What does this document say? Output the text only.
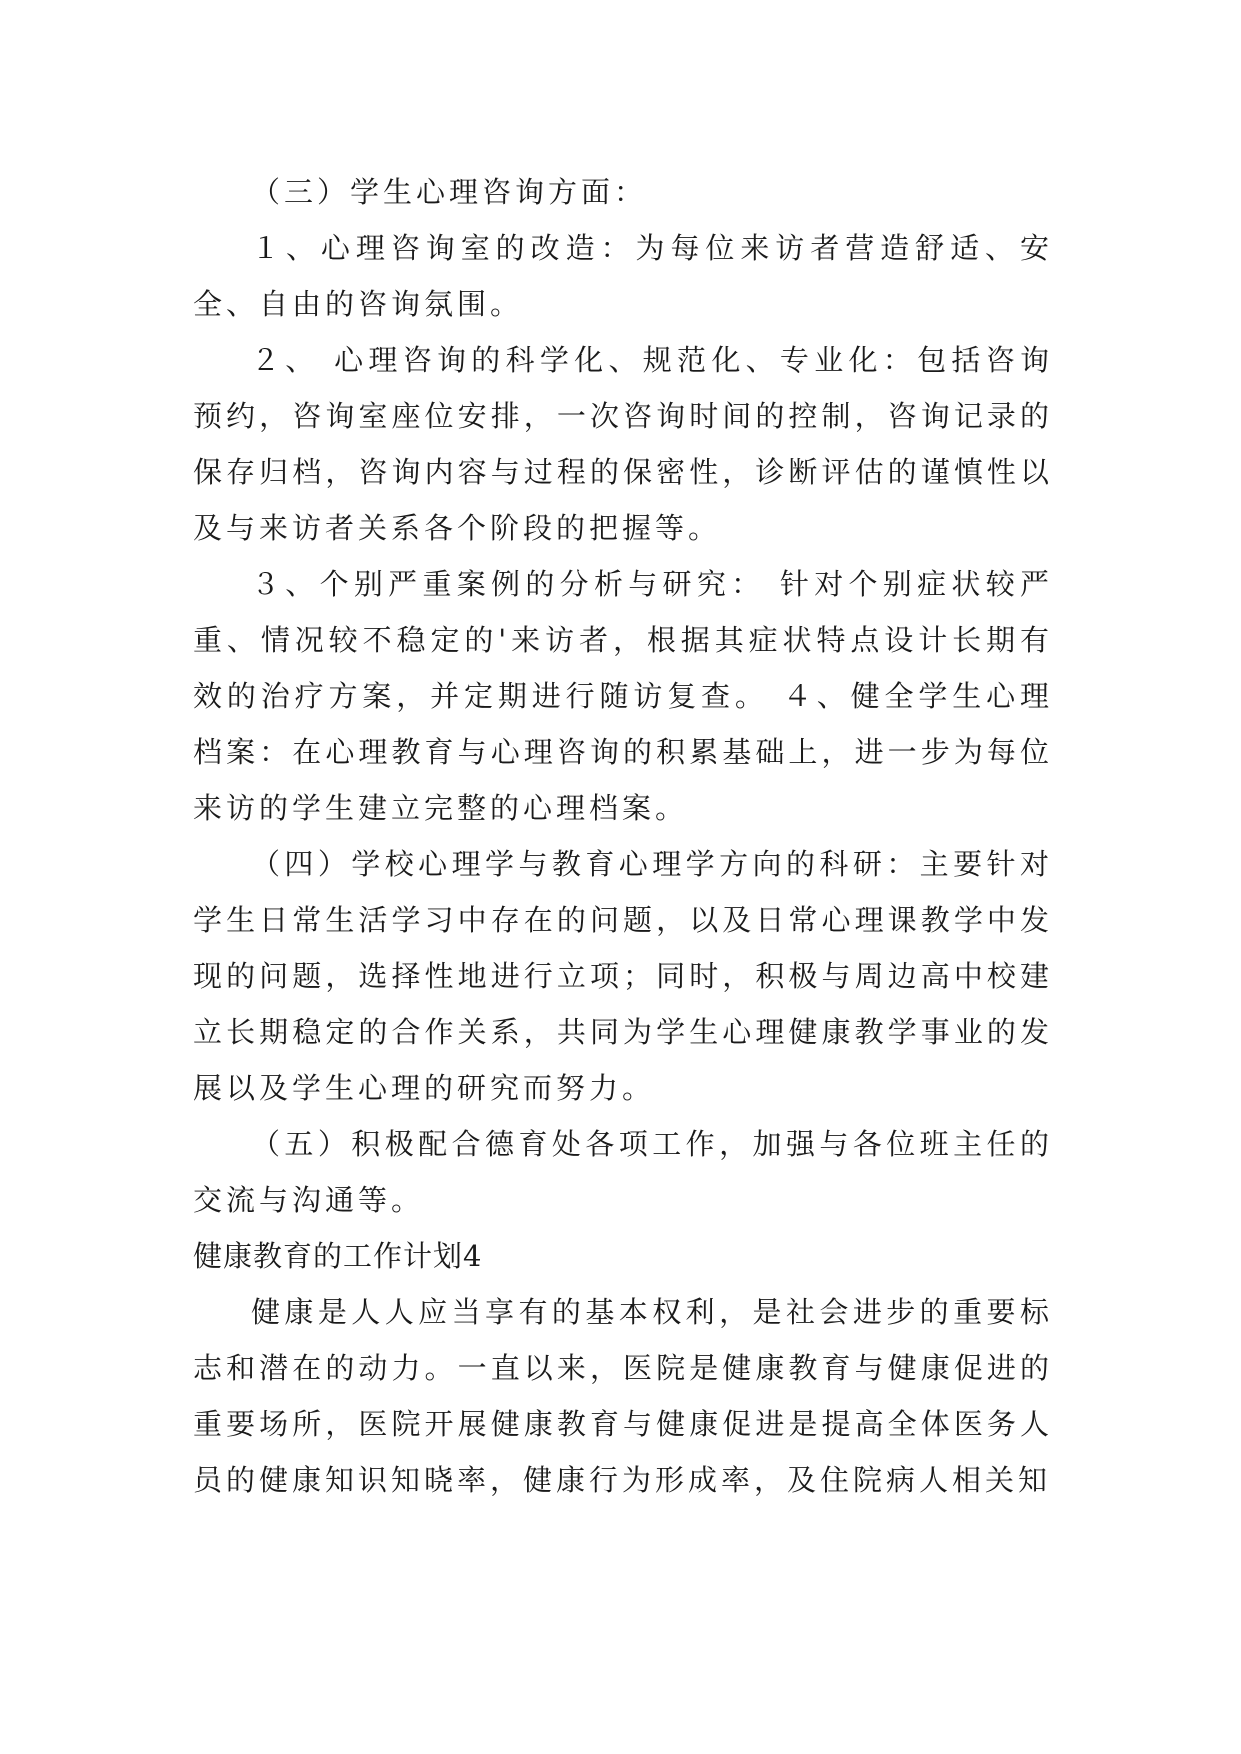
（三）学生心理咨询方面：

１、心理咨询室的改造：为每位来访者营造舒适、安全、自由的咨询氛围。

２、 心理咨询的科学化、规范化、专业化：包括咨询预约，咨询室座位安排，一次咨询时间的控制，咨询记录的保存归档，咨询内容与过程的保密性，诊断评估的谨慎性以及与来访者关系各个阶段的把握等。

３、个别严重案例的分析与研究： 针对个别症状较严重、情况较不稳定的'来访者，根据其症状特点设计长期有效的治疗方案，并定期进行随访复查。 ４、健全学生心理档案：在心理教育与心理咨询的积累基础上，进一步为每位来访的学生建立完整的心理档案。

（四）学校心理学与教育心理学方向的科研：主要针对学生日常生活学习中存在的问题，以及日常心理课教学中发现的问题，选择性地进行立项；同时，积极与周边高中校建立长期稳定的合作关系，共同为学生心理健康教学事业的发展以及学生心理的研究而努力。

（五）积极配合德育处各项工作，加强与各位班主任的交流与沟通等。

健康教育的工作计划4

健康是人人应当享有的基本权利，是社会进步的重要标志和潜在的动力。一直以来，医院是健康教育与健康促进的重要场所，医院开展健康教育与健康促进是提高全体医务人员的健康知识知晓率，健康行为形成率，及住院病人相关知
